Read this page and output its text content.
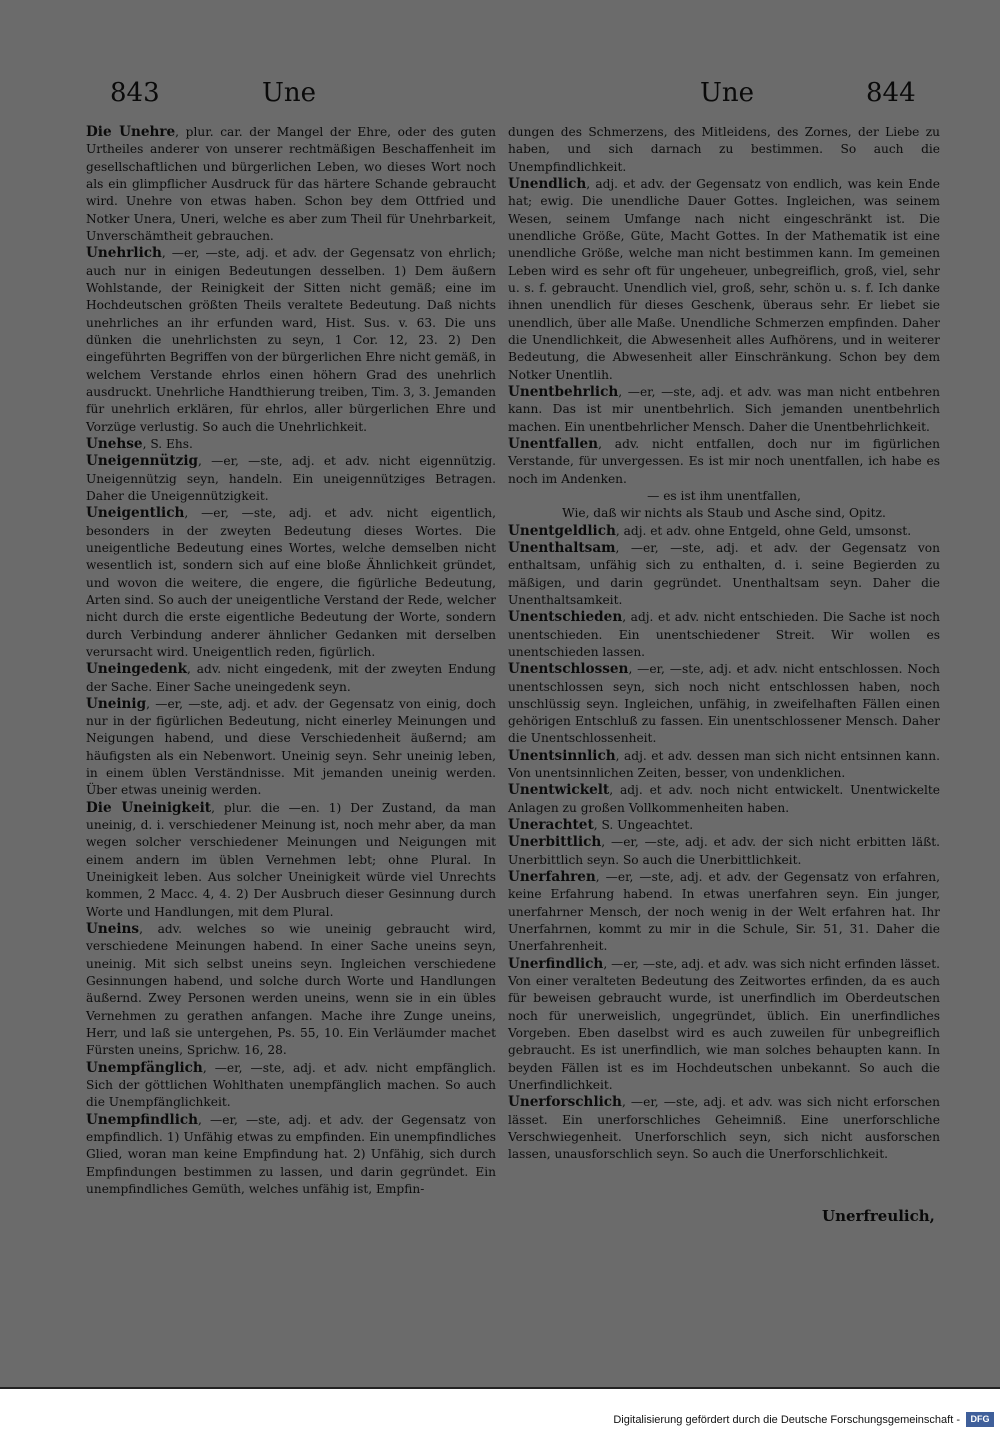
843	Une	Une	844

Die Unehre, plur. car. der Mangel der Ehre, oder des guten Urtheiles anderer von unserer rechtmäßigen Beschaffenheit im gesellschaftlichen und bürgerlichen Leben, wo dieses Wort noch als ein glimpflicher Ausdruck für das härtere Schande gebraucht wird. Unehre von etwas haben. Schon bey dem Ottfried und Notker Unera, Uneri, welche es aber zum Theil für Unehrbarkeit, Unverschämtheit gebrauchen.

Unehrlich, —er, —ste, adj. et adv. der Gegensatz von ehrlich; auch nur in einigen Bedeutungen desselben. 1) Dem äußern Wohlstande, der Reinigkeit der Sitten nicht gemäß; eine im Hochdeutschen größten Theils veraltete Bedeutung. Daß nichts unehrliches an ihr erfunden ward, Hist. Sus. v. 63. Die uns dünken die unehrlichsten zu seyn, 1 Cor. 12, 23. 2) Den eingeführten Begriffen von der bürgerlichen Ehre nicht gemäß, in welchem Verstande ehrlos einen höhern Grad des unehrlich ausdruckt. Unehrliche Handthierung treiben, Tim. 3, 3. Jemanden für unehrlich erklären, für ehrlos, aller bürgerlichen Ehre und Vorzüge verlustig. So auch die Unehrlichkeit.

Unehse, S. Ehs.

Uneigennützig, —er, —ste, adj. et adv. nicht eigennützig. Uneigennützig seyn, handeln. Ein uneigennütziges Betragen. Daher die Uneigennützigkeit.

Uneigentlich, —er, —ste, adj. et adv. nicht eigentlich, besonders in der zweyten Bedeutung dieses Wortes. Die uneigentliche Bedeutung eines Wortes, welche demselben nicht wesentlich ist, sondern sich auf eine bloße Ähnlichkeit gründet, und wovon die weitere, die engere, die figürliche Bedeutung, Arten sind. So auch der uneigentliche Verstand der Rede, welcher nicht durch die erste eigentliche Bedeutung der Worte, sondern durch Verbindung anderer ähnlicher Gedanken mit derselben verursacht wird. Uneigentlich reden, figürlich.

Uneingedenk, adv. nicht eingedenk, mit der zweyten Endung der Sache. Einer Sache uneingedenk seyn.

Uneinig, —er, —ste, adj. et adv. der Gegensatz von einig, doch nur in der figürlichen Bedeutung, nicht einerley Meinungen und Neigungen habend, und diese Verschiedenheit äußernd; am häufigsten als ein Nebenwort. Uneinig seyn. Sehr uneinig leben, in einem üblen Verständnisse. Mit jemanden uneinig werden. Über etwas uneinig werden.

Die Uneinigkeit, plur. die —en. 1) Der Zustand, da man uneinig, d. i. verschiedener Meinung ist, noch mehr aber, da man wegen solcher verschiedener Meinungen und Neigungen mit einem andern im üblen Vernehmen lebt; ohne Plural. In Uneinigkeit leben. Aus solcher Uneinigkeit würde viel Unrechts kommen, 2 Macc. 4, 4. 2) Der Ausbruch dieser Gesinnung durch Worte und Handlungen, mit dem Plural.

Uneins, adv. welches so wie uneinig gebraucht wird, verschiedene Meinungen habend. In einer Sache uneins seyn, uneinig. Mit sich selbst uneins seyn. Ingleichen verschiedene Gesinnungen habend, und solche durch Worte und Handlungen äußernd. Zwey Personen werden uneins, wenn sie in ein übles Vernehmen zu gerathen anfangen. Mache ihre Zunge uneins, Herr, und laß sie untergehen, Ps. 55, 10. Ein Verläumder machet Fürsten uneins, Sprichw. 16, 28.

Unempfänglich, —er, —ste, adj. et adv. nicht empfänglich. Sich der göttlichen Wohlthaten unempfänglich machen. So auch die Unempfänglichkeit.

Unempfindlich, —er, —ste, adj. et adv. der Gegensatz von empfindlich. 1) Unfähig etwas zu empfinden. Ein unempfindliches Glied, woran man keine Empfindung hat. 2) Unfähig, sich durch Empfindungen bestimmen zu lassen, und darin gegründet. Ein unempfindliches Gemüth, welches unfähig ist, Empfin-

dungen des Schmerzens, des Mitleidens, des Zornes, der Liebe zu haben, und sich darnach zu bestimmen. So auch die Unempfindlichkeit.

Unendlich, adj. et adv. der Gegensatz von endlich, was kein Ende hat; ewig. Die unendliche Dauer Gottes. Ingleichen, was seinem Wesen, seinem Umfange nach nicht eingeschränkt ist. Die unendliche Größe, Güte, Macht Gottes. In der Mathematik ist eine unendliche Größe, welche man nicht bestimmen kann. Im gemeinen Leben wird es sehr oft für ungeheuer, unbegreiflich, groß, viel, sehr u. s. f. gebraucht. Unendlich viel, groß, sehr, schön u. s. f. Ich danke ihnen unendlich für dieses Geschenk, überaus sehr. Er liebet sie unendlich, über alle Maße. Unendliche Schmerzen empfinden. Daher die Unendlichkeit, die Abwesenheit alles Aufhörens, und in weiterer Bedeutung, die Abwesenheit aller Einschränkung. Schon bey dem Notker Unentlih.

Unentbehrlich, —er, —ste, adj. et adv. was man nicht entbehren kann. Das ist mir unentbehrlich. Sich jemanden unentbehrlich machen. Ein unentbehrlicher Mensch. Daher die Unentbehrlichkeit.

Unentfallen, adv. nicht entfallen, doch nur im figürlichen Verstande, für unvergessen. Es ist mir noch unentfallen, ich habe es noch im Andenken.

— es ist ihm unentfallen,

Wie, daß wir nichts als Staub und Asche sind, Opitz.

Unentgeldlich, adj. et adv. ohne Entgeld, ohne Geld, umsonst.

Unenthaltsam, —er, —ste, adj. et adv. der Gegensatz von enthaltsam, unfähig sich zu enthalten, d. i. seine Begierden zu mäßigen, und darin gegründet. Unenthaltsam seyn. Daher die Unenthaltsamkeit.

Unentschieden, adj. et adv. nicht entschieden. Die Sache ist noch unentschieden. Ein unentschiedener Streit. Wir wollen es unentschieden lassen.

Unentschlossen, —er, —ste, adj. et adv. nicht entschlossen. Noch unentschlossen seyn, sich noch nicht entschlossen haben, noch unschlüssig seyn. Ingleichen, unfähig, in zweifelhaften Fällen einen gehörigen Entschluß zu fassen. Ein unentschlossener Mensch. Daher die Unentschlossenheit.

Unentsinnlich, adj. et adv. dessen man sich nicht entsinnen kann. Von unentsinnlichen Zeiten, besser, von undenklichen.

Unentwickelt, adj. et adv. noch nicht entwickelt. Unentwickelte Anlagen zu großen Vollkommenheiten haben.

Unerachtet, S. Ungeachtet.

Unerbittlich, —er, —ste, adj. et adv. der sich nicht erbitten läßt. Unerbittlich seyn. So auch die Unerbittlichkeit.

Unerfahren, —er, —ste, adj. et adv. der Gegensatz von erfahren, keine Erfahrung habend. In etwas unerfahren seyn. Ein junger, unerfahrner Mensch, der noch wenig in der Welt erfahren hat. Ihr Unerfahrnen, kommt zu mir in die Schule, Sir. 51, 31. Daher die Unerfahrenheit.

Unerfindlich, —er, —ste, adj. et adv. was sich nicht erfinden lässet. Von einer veralteten Bedeutung des Zeitwortes erfinden, da es auch für beweisen gebraucht wurde, ist unerfindlich im Oberdeutschen noch für unerweislich, ungegründet, üblich. Ein unerfindliches Vorgeben. Eben daselbst wird es auch zuweilen für unbegreiflich gebraucht. Es ist unerfindlich, wie man solches behaupten kann. In beyden Fällen ist es im Hochdeutschen unbekannt. So auch die Unerfindlichkeit.

Unerforschlich, —er, —ste, adj. et adv. was sich nicht erforschen lässet. Ein unerforschliches Geheimniß. Eine unerforschliche Verschwiegenheit. Unerforschlich seyn, sich nicht ausforschen lassen, unausforschlich seyn. So auch die Unerforschlichkeit.

Unerfreulich,
Digitalisierung gefördert durch die Deutsche Forschungsgemeinschaft -	DFG
